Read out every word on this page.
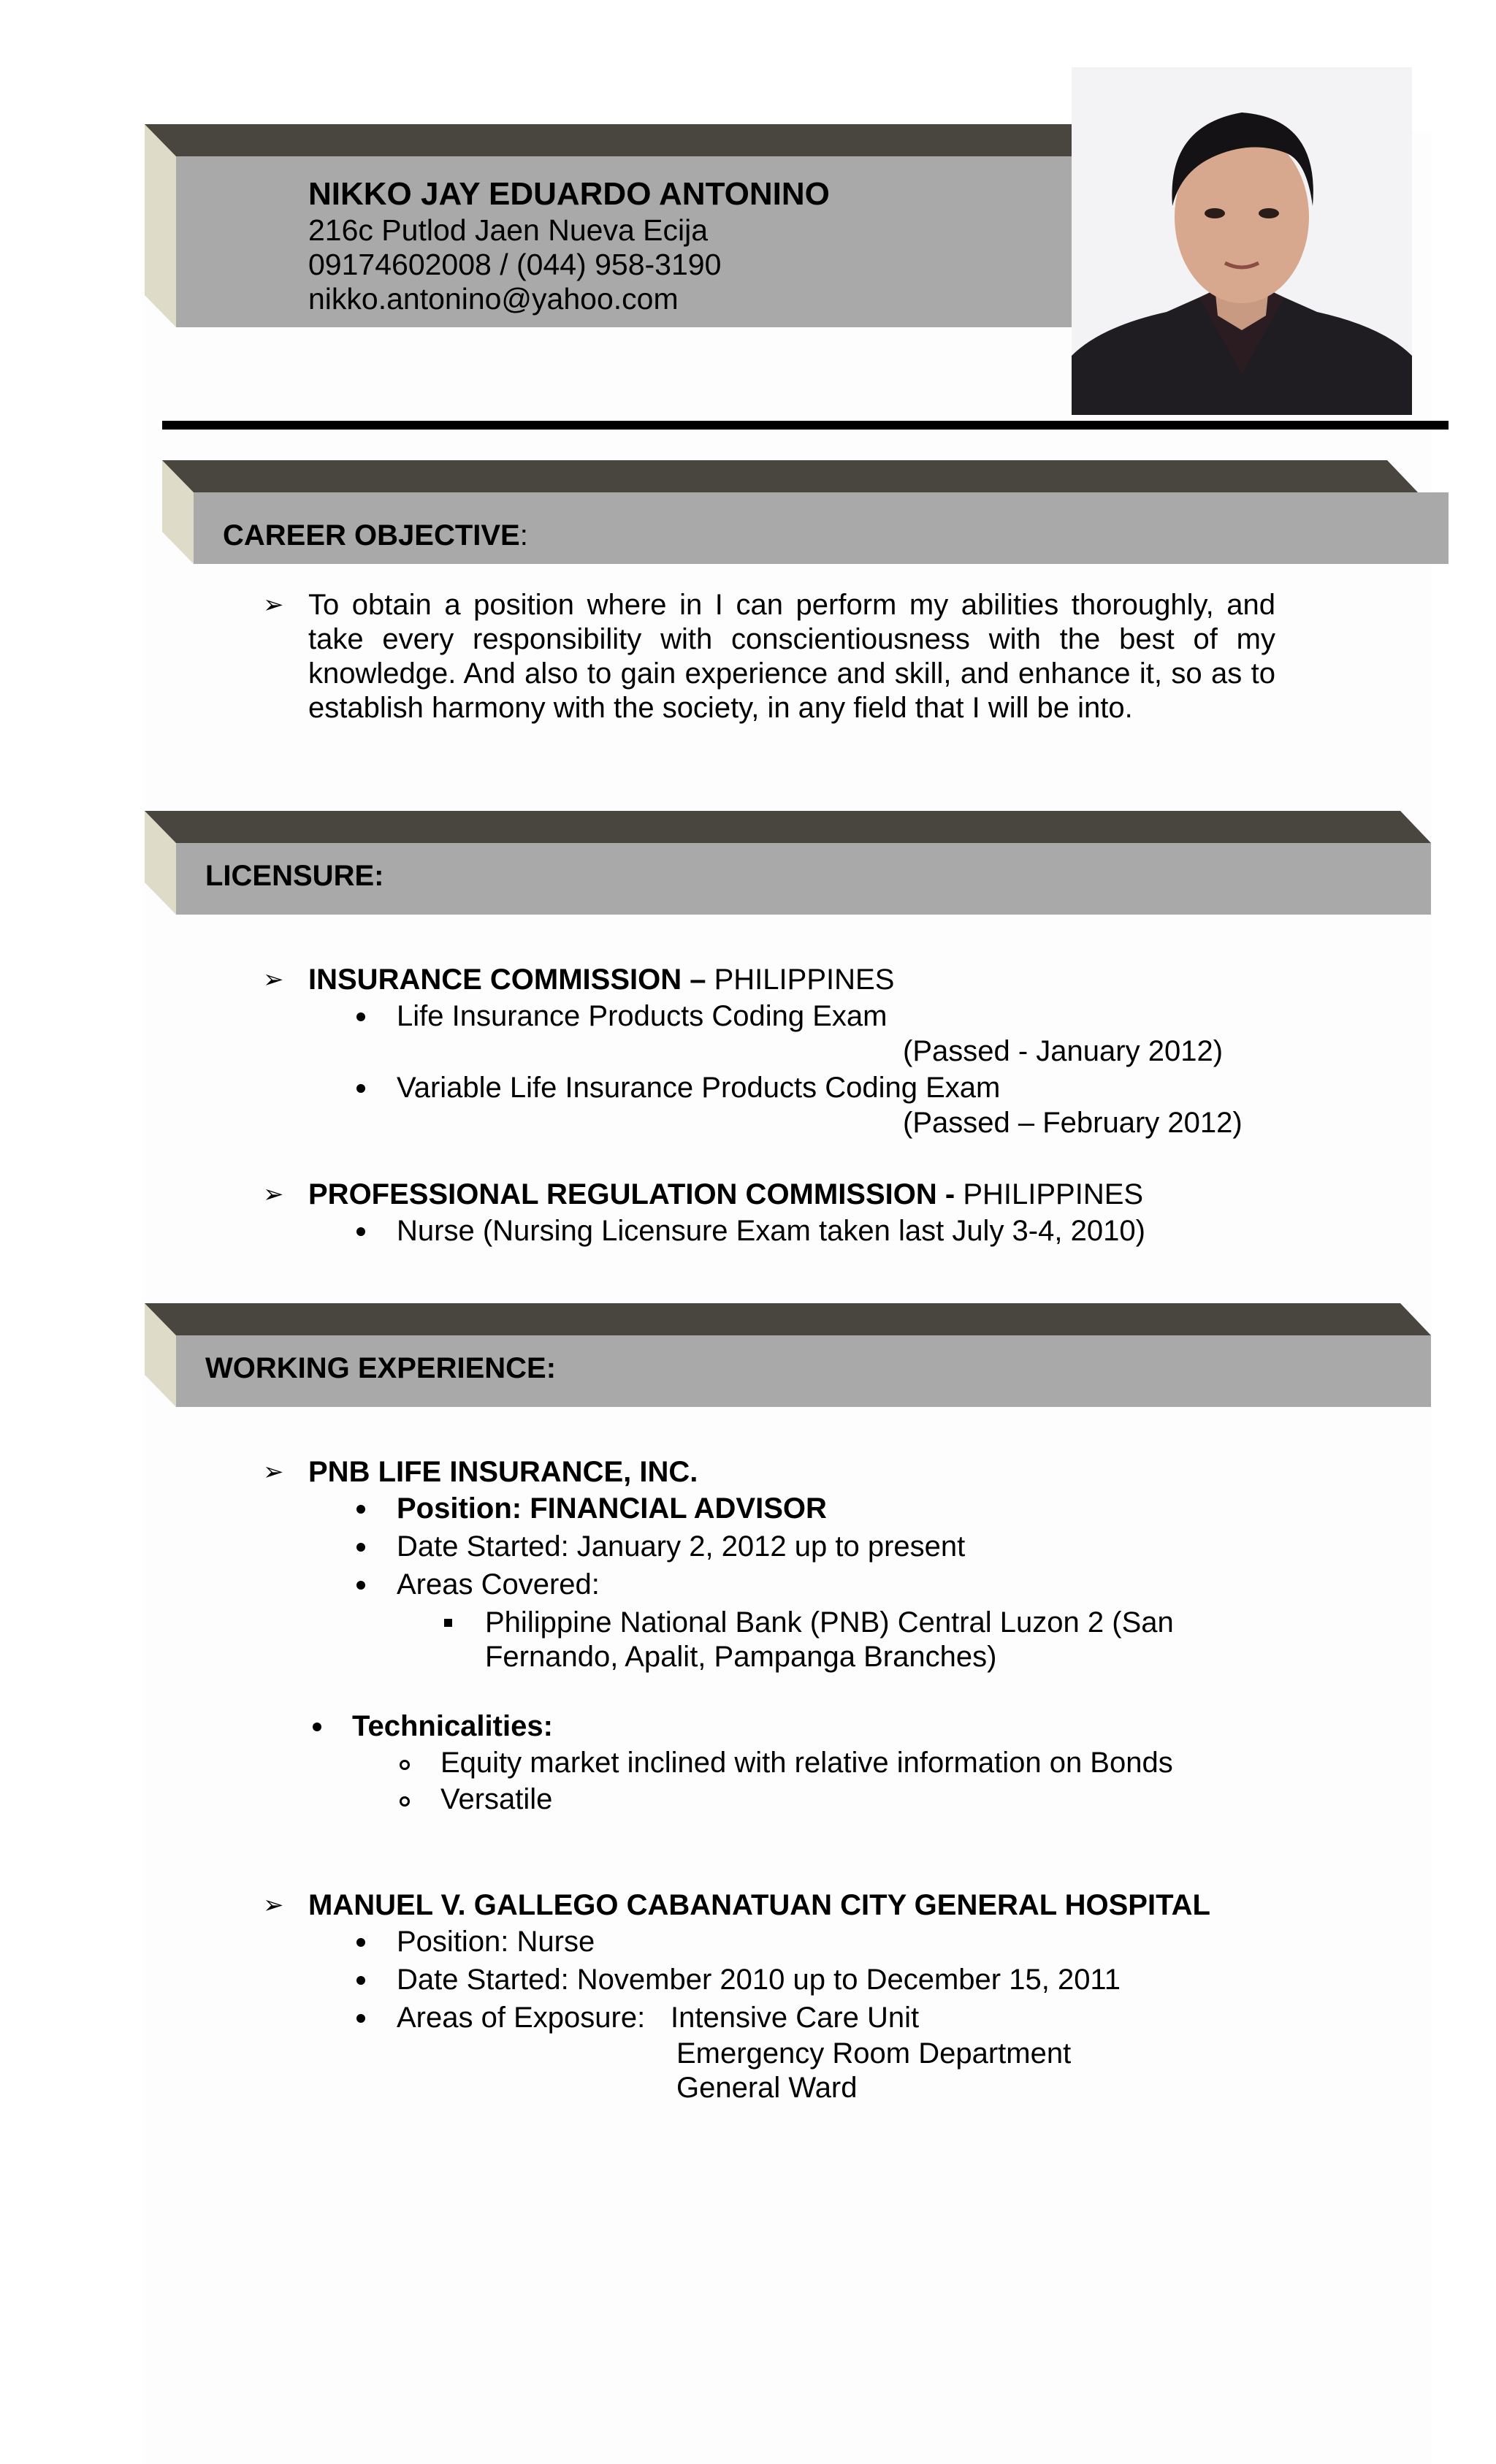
NIKKO JAY EDUARDO ANTONINO
216c Putlod Jaen Nueva Ecija
09174602008 / (044) 958-3190
nikko.antonino@yahoo.com
CAREER OBJECTIVE:
➢ To obtain a position where in I can perform my abilities thoroughly, and

take every responsibility with conscientiousness with the best of my

knowledge. And also to gain experience and skill, and enhance it, so as to

establish harmony with the society, in any field that I will be into.

LICENSURE:
➢ INSURANCE COMMISSION – PHILIPPINES
Life Insurance Products Coding Exam
(Passed - January 2012)
Variable Life Insurance Products Coding Exam
(Passed – February 2012)
➢ PROFESSIONAL REGULATION COMMISSION - PHILIPPINES
Nurse (Nursing Licensure Exam taken last July 3-4, 2010)
WORKING EXPERIENCE:
➢ PNB LIFE INSURANCE, INC.
Position: FINANCIAL ADVISOR
Date Started: January 2, 2012 up to present
Areas Covered:
Philippine National Bank (PNB) Central Luzon 2 (San
Fernando, Apalit, Pampanga Branches)
Technicalities:
Equity market inclined with relative information on Bonds
Versatile
➢ MANUEL V. GALLEGO CABANATUAN CITY GENERAL HOSPITAL
Position: Nurse
Date Started: November 2010 up to December 15, 2011
Areas of Exposure: Intensive Care Unit
Emergency Room Department
General Ward
